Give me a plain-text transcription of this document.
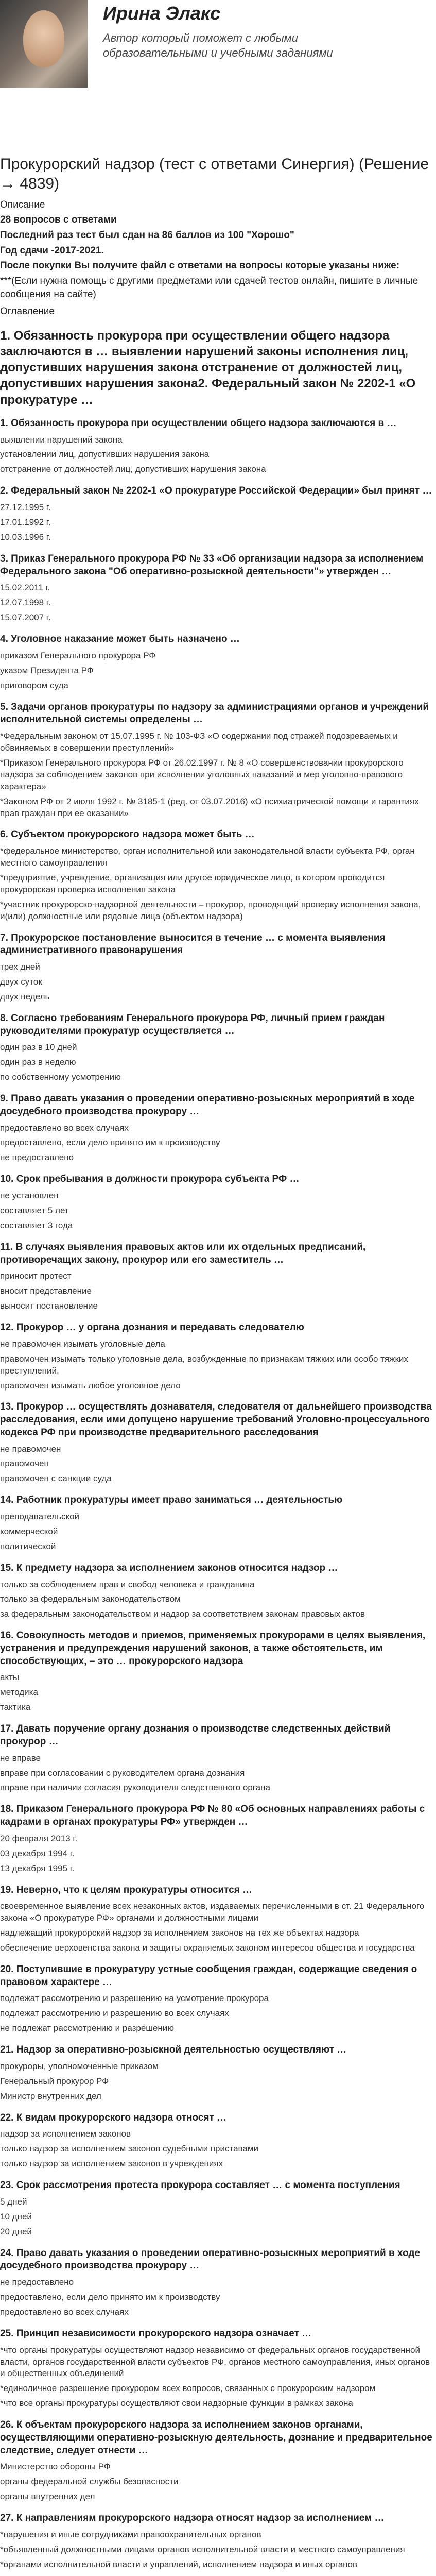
Ирина Элакс
Автор который поможет с любыми образовательными и учебными заданиями
Прокурорский надзор (тест с ответами Синергия) (Решение → 4839)
Описание
28 вопросов с ответами
Последний раз тест был сдан на 86 баллов из 100 "Хорошо"
Год сдачи -2017-2021.
После покупки Вы получите файл с ответами на вопросы которые указаны ниже:
***(Если нужна помощь с другими предметами или сдачей тестов онлайн, пишите в личные сообщения на сайте)
Оглавление
1. Обязанность прокурора при осуществлении общего надзора заключаются в … выявлении нарушений законы исполнения лиц, допустивших нарушения закона отстранение от должностей лиц, допустивших нарушения закона2. Федеральный закон № 2202-1 «О прокуратуре …
1. Обязанность прокурора при осуществлении общего надзора заключаются в …
выявлении нарушений закона
установлении лиц, допустивших нарушения закона
отстранение от должностей лиц, допустивших нарушения закона
2. Федеральный закон № 2202-1 «О прокуратуре Российской Федерации» был принят …
27.12.1995 г.
17.01.1992 г.
10.03.1996 г.
3. Приказ Генерального прокурора РФ № 33 «Об организации надзора за исполнением Федерального закона "Об оперативно-розыскной деятельности"» утвержден …
15.02.2011 г.
12.07.1998 г.
15.07.2007 г.
4. Уголовное наказание может быть назначено …
приказом Генерального прокурора РФ
указом Президента РФ
приговором суда
5. Задачи органов прокуратуры по надзору за администрациями органов и учреждений исполнительной системы определены …
*Федеральным законом от 15.07.1995 г. № 103-ФЗ «О содержании под стражей подозреваемых и обвиняемых в совершении преступлений»
*Приказом Генерального прокурора РФ от 26.02.1997 г. № 8 «О совершенствовании прокурорского надзора за соблюдением законов при исполнении уголовных наказаний и мер уголовно-правового характера»
*Законом РФ от 2 июля 1992 г. № 3185-1 (ред. от 03.07.2016) «О психиатрической помощи и гарантиях прав граждан при ее оказании»
6. Субъектом прокурорского надзора может быть …
*федеральное министерство, орган исполнительной или законодательной власти субъекта РФ, орган местного самоуправления
*предприятие, учреждение, организация или другое юридическое лицо, в котором проводится прокурорская проверка исполнения закона
*участник прокурорско-надзорной деятельности – прокурор, проводящий проверку исполнения закона, и(или) должностные или рядовые лица (объектом надзора)
7. Прокурорское постановление выносится в течение … с момента выявления административного правонарушения
трех дней
двух суток
двух недель
8. Согласно требованиям Генерального прокурора РФ, личный прием граждан руководителями прокуратур осуществляется …
один раз в 10 дней
один раз в неделю
по собственному усмотрению
9. Право давать указания о проведении оперативно-розыскных мероприятий в ходе досудебного производства прокурору …
предоставлено во всех случаях
предоставлено, если дело принято им к производству
не предоставлено
10. Срок пребывания в должности прокурора субъекта РФ …
не установлен
составляет 5 лет
составляет 3 года
11. В случаях выявления правовых актов или их отдельных предписаний, противоречащих закону, прокурор или его заместитель …
приносит протест
вносит представление
выносит постановление
12. Прокурор … у органа дознания и передавать следователю
не правомочен изымать уголовные дела
правомочен изымать только уголовные дела, возбужденные по признакам тяжких или особо тяжких преступлений,
правомочен изымать любое уголовное дело
13. Прокурор … осуществлять дознавателя, следователя от дальнейшего производства расследования, если ими допущено нарушение требований Уголовно-процессуального кодекса РФ при производстве предварительного расследования
не правомочен
правомочен
правомочен с санкции суда
14. Работник прокуратуры имеет право заниматься … деятельностью
преподавательской
коммерческой
политической
15. К предмету надзора за исполнением законов относится надзор …
только за соблюдением прав и свобод человека и гражданина
только за федеральным законодательством
за федеральным законодательством и надзор за соответствием законам правовых актов
16. Совокупность методов и приемов, применяемых прокурорами в целях выявления, устранения и предупреждения нарушений законов, а также обстоятельств, им способствующих, – это … прокурорского надзора
акты
методика
тактика
17. Давать поручение органу дознания о производстве следственных действий прокурор …
не вправе
вправе при согласовании с руководителем органа дознания
вправе при наличии согласия руководителя следственного органа
18. Приказом Генерального прокурора РФ № 80 «Об основных направлениях работы с кадрами в органах прокуратуры РФ» утвержден …
20 февраля 2013 г.
03 декабря 1994 г.
13 декабря 1995 г.
19. Неверно, что к целям прокуратуры относится …
своевременное выявление всех незаконных актов, издаваемых перечисленными в ст. 21 Федерального закона «О прокуратуре РФ» органами и должностными лицами
надлежащий прокурорский надзор за исполнением законов на тех же объектах надзора
обеспечение верховенства закона и защиты охраняемых законом интересов общества и государства
20. Поступившие в прокуратуру устные сообщения граждан, содержащие сведения о правовом характере …
подлежат рассмотрению и разрешению на усмотрение прокурора
подлежат рассмотрению и разрешению во всех случаях
не подлежат рассмотрению и разрешению
21. Надзор за оперативно-розыскной деятельностью осуществляют …
прокуроры, уполномоченные приказом
Генеральный прокурор РФ
Министр внутренних дел
22. К видам прокурорского надзора относят …
надзор за исполнением законов
только надзор за исполнением законов судебными приставами
только надзор за исполнением законов в учреждениях
23. Срок рассмотрения протеста прокурора составляет … с момента поступления
5 дней
10 дней
20 дней
24. Право давать указания о проведении оперативно-розыскных мероприятий в ходе досудебного производства прокурору …
не предоставлено
предоставлено, если дело принято им к производству
предоставлено во всех случаях
25. Принцип независимости прокурорского надзора означает …
*что органы прокуратуры осуществляют надзор независимо от федеральных органов государственной власти, органов государственной власти субъектов РФ, органов местного самоуправления, иных органов и общественных объединений
*единоличное разрешение прокурором всех вопросов, связанных с прокурорским надзором
*что все органы прокуратуры осуществляют свои надзорные функции в рамках закона
26. К объектам прокурорского надзора за исполнением законов органами, осуществляющими оперативно-розыскную деятельность, дознание и предварительное следствие, следует отнести …
Министерство обороны РФ
органы федеральной службы безопасности
органы внутренних дел
27. К направлениям прокурорского надзора относят надзор за исполнением …
*нарушения и иные сотрудниками правоохранительных органов
*объявленный должностными лицами органов исполнительной власти и местного самоуправления
*органами исполнительной власти и управлений, исполнением надзора и иных органов
